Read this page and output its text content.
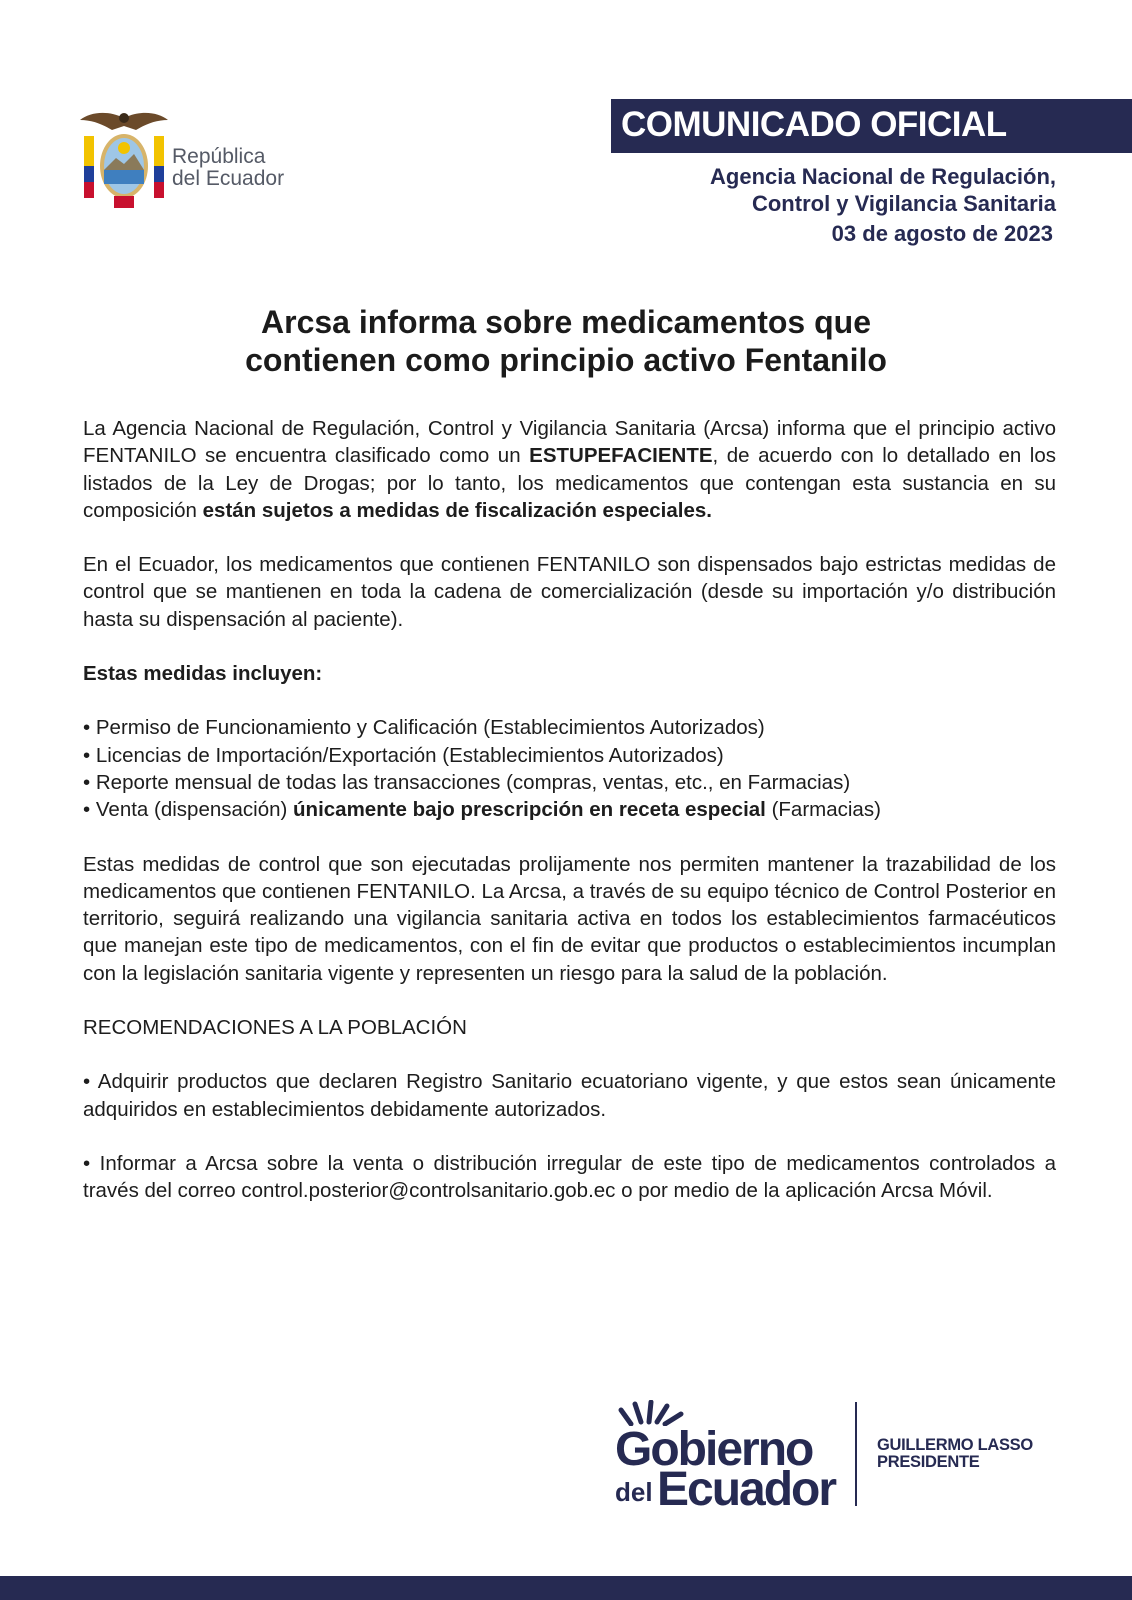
República
del Ecuador
COMUNICADO OFICIAL
Agencia Nacional de Regulación,
Control y Vigilancia Sanitaria
03 de agosto de 2023
Arcsa informa sobre medicamentos que
contienen como principio activo Fentanilo

La Agencia Nacional de Regulación, Control y Vigilancia Sanitaria (Arcsa) informa que el principio activo FENTANILO se encuentra clasificado como un ESTUPEFACIENTE, de acuerdo con lo detallado en los listados de la Ley de Drogas; por lo tanto, los medicamentos que contengan esta sustancia en su composición están sujetos a medidas de fiscalización especiales.

En el Ecuador, los medicamentos que contienen FENTANILO son dispensados bajo estrictas medidas de control que se mantienen en toda la cadena de comercialización (desde su importación y/o distribución hasta su dispensación al paciente).

Estas medidas incluyen:

• Permiso de Funcionamiento y Calificación (Establecimientos Autorizados)
• Licencias de Importación/Exportación (Establecimientos Autorizados)
• Reporte mensual de todas las transacciones (compras, ventas, etc., en Farmacias)
• Venta (dispensación) únicamente bajo prescripción en receta especial (Farmacias)

Estas medidas de control que son ejecutadas prolijamente nos permiten mantener la trazabilidad de los medicamentos que contienen FENTANILO. La Arcsa, a través de su equipo técnico de Control Posterior en territorio, seguirá realizando una vigilancia sanitaria activa en todos los establecimientos farmacéuticos que manejan este tipo de medicamentos, con el fin de evitar que productos o establecimientos incumplan con la legislación sanitaria vigente y representen un riesgo para la salud de la población.

RECOMENDACIONES A LA POBLACIÓN

• Adquirir productos que declaren Registro Sanitario ecuatoriano vigente, y que estos sean únicamente adquiridos en establecimientos debidamente autorizados.

• Informar a Arcsa sobre la venta o distribución irregular de este tipo de medicamentos controlados a través del correo control.posterior@controlsanitario.gob.ec o por medio de la aplicación Arcsa Móvil.

Gobierno
del Ecuador
GUILLERMO LASSO
PRESIDENTE
